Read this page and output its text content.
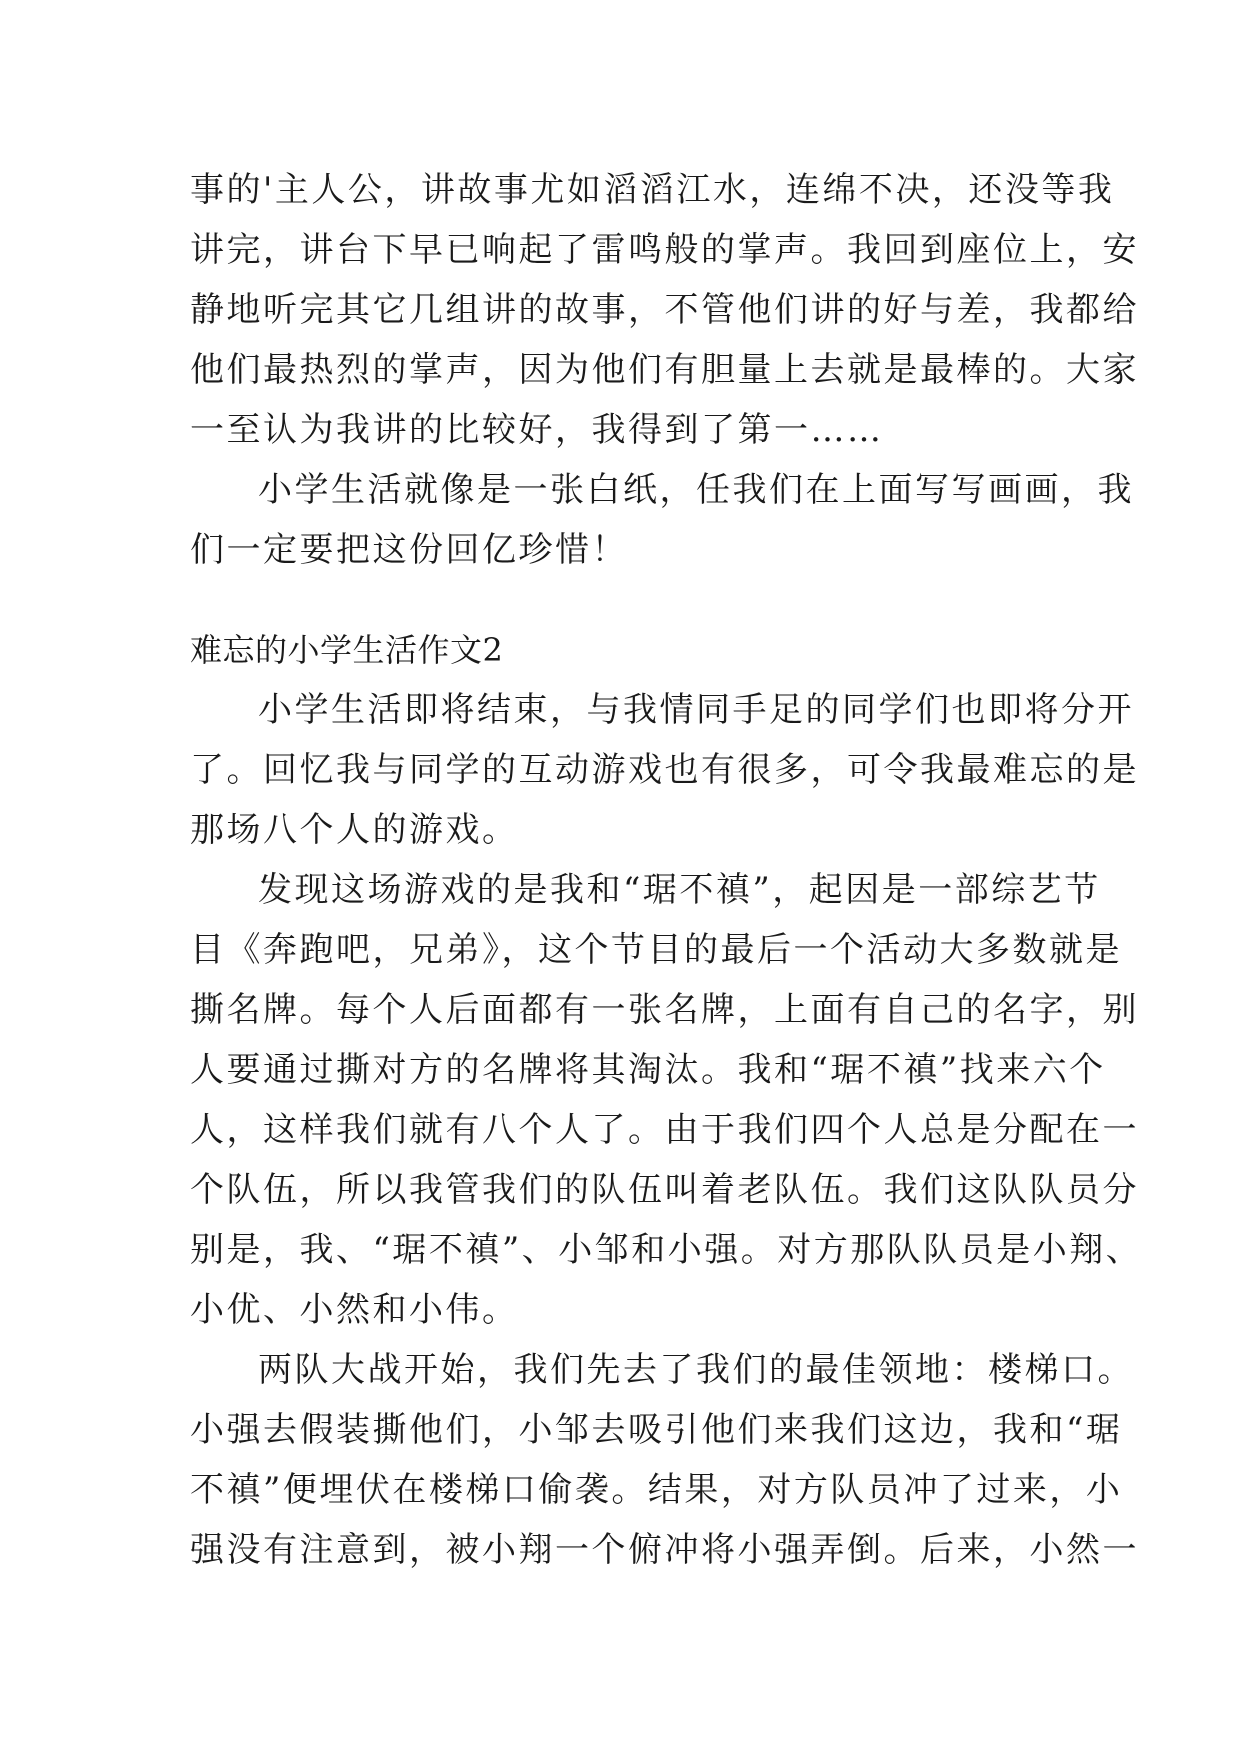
事的'主人公，讲故事尤如滔滔江水，连绵不决，还没等我
讲完，讲台下早已响起了雷鸣般的掌声。我回到座位上，安
静地听完其它几组讲的故事，不管他们讲的好与差，我都给
他们最热烈的掌声，因为他们有胆量上去就是最棒的。大家
一至认为我讲的比较好，我得到了第一……
小学生活就像是一张白纸，任我们在上面写写画画，我
们一定要把这份回亿珍惜！
难忘的小学生活作文2
小学生活即将结束，与我情同手足的同学们也即将分开
了。回忆我与同学的互动游戏也有很多，可令我最难忘的是
那场八个人的游戏。
发现这场游戏的是我和“琚不禛”，起因是一部综艺节
目《奔跑吧，兄弟》，这个节目的最后一个活动大多数就是
撕名牌。每个人后面都有一张名牌，上面有自己的名字，别
人要通过撕对方的名牌将其淘汰。我和“琚不禛”找来六个
人，这样我们就有八个人了。由于我们四个人总是分配在一
个队伍，所以我管我们的队伍叫着老队伍。我们这队队员分
别是，我、“琚不禛”、小邹和小强。对方那队队员是小翔、
小优、小然和小伟。
两队大战开始，我们先去了我们的最佳领地：楼梯口。
小强去假装撕他们，小邹去吸引他们来我们这边，我和“琚
不禛”便埋伏在楼梯口偷袭。结果，对方队员冲了过来，小
强没有注意到，被小翔一个俯冲将小强弄倒。后来，小然一
